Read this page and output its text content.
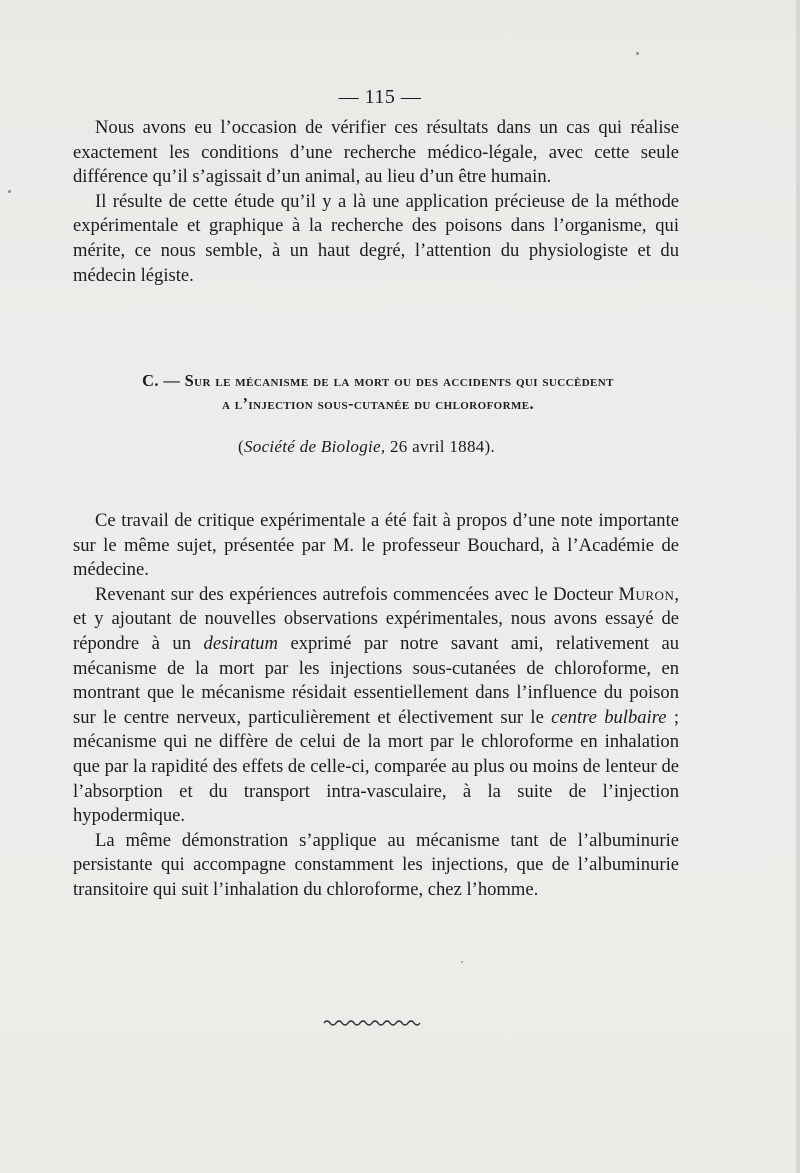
— 115 —

Nous avons eu l’occasion de vérifier ces résultats dans un cas qui réalise exactement les conditions d’une recherche médico-légale, avec cette seule différence qu’il s’agissait d’un animal, au lieu d’un être humain.

Il résulte de cette étude qu’il y a là une application précieuse de la méthode expérimentale et graphique à la recherche des poisons dans l’organisme, qui mérite, ce nous semble, à un haut degré, l’attention du physiologiste et du médecin légiste.

C. — Sur le mécanisme de la mort ou des accidents qui succèdent
a l’injection sous-cutanée du chloroforme.
(Société de Biologie, 26 avril 1884).

Ce travail de critique expérimentale a été fait à propos d’une note importante sur le même sujet, présentée par M. le professeur Bouchard, à l’Académie de médecine.

Revenant sur des expériences autrefois commencées avec le Docteur Muron, et y ajoutant de nouvelles observations expérimentales, nous avons essayé de répondre à un desiratum exprimé par notre savant ami, relativement au mécanisme de la mort par les injections sous-cutanées de chloroforme, en montrant que le mécanisme résidait essentiellement dans l’influence du poison sur le centre nerveux, particulièrement et électivement sur le centre bulbaire ; mécanisme qui ne diffère de celui de la mort par le chloroforme en inhalation que par la rapidité des effets de celle-ci, comparée au plus ou moins de lenteur de l’absorption et du transport intra-vasculaire, à la suite de l’injection hypodermique.

La même démonstration s’applique au mécanisme tant de l’albuminurie persistante qui accompagne constamment les injections, que de l’albuminurie transitoire qui suit l’inhalation du chloroforme, chez l’homme.
